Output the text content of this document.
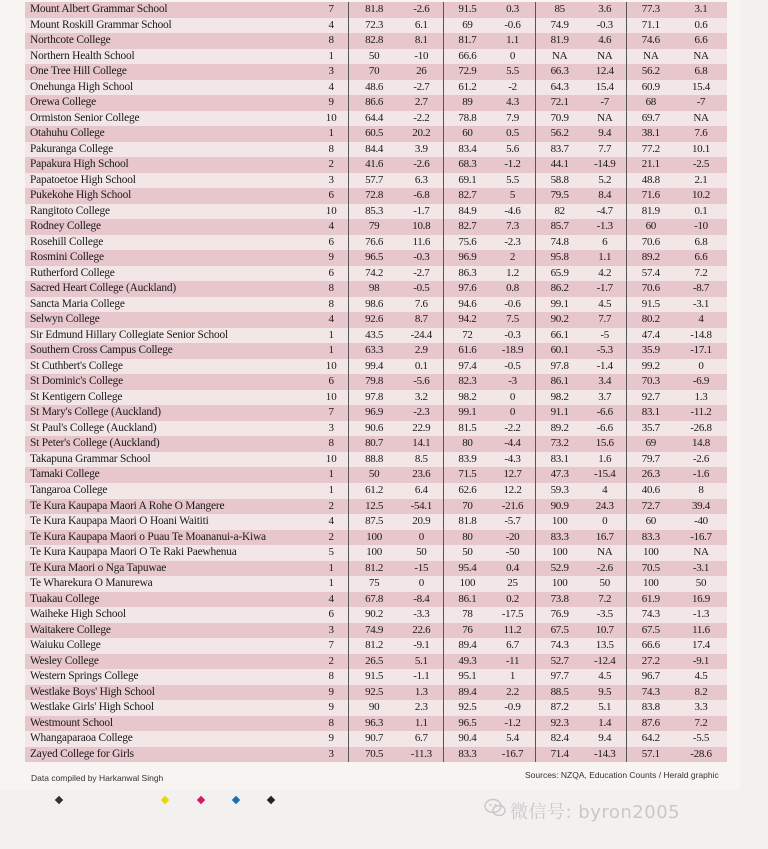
Mount Albert Grammar School	7	81.8	-2.6	91.5	0.3	85	3.6	77.3	3.1
Mount Roskill Grammar School	4	72.3	6.1	69	-0.6	74.9	-0.3	71.1	0.6
Northcote College	8	82.8	8.1	81.7	1.1	81.9	4.6	74.6	6.6
Northern Health School	1	50	-10	66.6	0	NA	NA	NA	NA
One Tree Hill College	3	70	26	72.9	5.5	66.3	12.4	56.2	6.8
Onehunga High School	4	48.6	-2.7	61.2	-2	64.3	15.4	60.9	15.4
Orewa College	9	86.6	2.7	89	4.3	72.1	-7	68	-7
Ormiston Senior College	10	64.4	-2.2	78.8	7.9	70.9	NA	69.7	NA
Otahuhu College	1	60.5	20.2	60	0.5	56.2	9.4	38.1	7.6
Pakuranga College	8	84.4	3.9	83.4	5.6	83.7	7.7	77.2	10.1
Papakura High School	2	41.6	-2.6	68.3	-1.2	44.1	-14.9	21.1	-2.5
Papatoetoe High School	3	57.7	6.3	69.1	5.5	58.8	5.2	48.8	2.1
Pukekohe High School	6	72.8	-6.8	82.7	5	79.5	8.4	71.6	10.2
Rangitoto College	10	85.3	-1.7	84.9	-4.6	82	-4.7	81.9	0.1
Rodney College	4	79	10.8	82.7	7.3	85.7	-1.3	60	-10
Rosehill College	6	76.6	11.6	75.6	-2.3	74.8	6	70.6	6.8
Rosmini College	9	96.5	-0.3	96.9	2	95.8	1.1	89.2	6.6
Rutherford College	6	74.2	-2.7	86.3	1.2	65.9	4.2	57.4	7.2
Sacred Heart College (Auckland)	8	98	-0.5	97.6	0.8	86.2	-1.7	70.6	-8.7
Sancta Maria College	8	98.6	7.6	94.6	-0.6	99.1	4.5	91.5	-3.1
Selwyn College	4	92.6	8.7	94.2	7.5	90.2	7.7	80.2	4
Sir Edmund Hillary Collegiate Senior School	1	43.5	-24.4	72	-0.3	66.1	-5	47.4	-14.8
Southern Cross Campus College	1	63.3	2.9	61.6	-18.9	60.1	-5.3	35.9	-17.1
St Cuthbert's College	10	99.4	0.1	97.4	-0.5	97.8	-1.4	99.2	0
St Dominic's College	6	79.8	-5.6	82.3	-3	86.1	3.4	70.3	-6.9
St Kentigern College	10	97.8	3.2	98.2	0	98.2	3.7	92.7	1.3
St Mary's College (Auckland)	7	96.9	-2.3	99.1	0	91.1	-6.6	83.1	-11.2
St Paul's College (Auckland)	3	90.6	22.9	81.5	-2.2	89.2	-6.6	35.7	-26.8
St Peter's College (Auckland)	8	80.7	14.1	80	-4.4	73.2	15.6	69	14.8
Takapuna Grammar School	10	88.8	8.5	83.9	-4.3	83.1	1.6	79.7	-2.6
Tamaki College	1	50	23.6	71.5	12.7	47.3	-15.4	26.3	-1.6
Tangaroa College	1	61.2	6.4	62.6	12.2	59.3	4	40.6	8
Te Kura Kaupapa Maori A Rohe O Mangere	2	12.5	-54.1	70	-21.6	90.9	24.3	72.7	39.4
Te Kura Kaupapa Maori O Hoani Waititi	4	87.5	20.9	81.8	-5.7	100	0	60	-40
Te Kura Kaupapa Maori o Puau Te Moananui-a-Kiwa	2	100	0	80	-20	83.3	16.7	83.3	-16.7
Te Kura Kaupapa Maori O Te Raki Paewhenua	5	100	50	50	-50	100	NA	100	NA
Te Kura Maori o Nga Tapuwae	1	81.2	-15	95.4	0.4	52.9	-2.6	70.5	-3.1
Te Wharekura O Manurewa	1	75	0	100	25	100	50	100	50
Tuakau College	4	67.8	-8.4	86.1	0.2	73.8	7.2	61.9	16.9
Waiheke High School	6	90.2	-3.3	78	-17.5	76.9	-3.5	74.3	-1.3
Waitakere College	3	74.9	22.6	76	11.2	67.5	10.7	67.5	11.6
Waiuku College	7	81.2	-9.1	89.4	6.7	74.3	13.5	66.6	17.4
Wesley College	2	26.5	5.1	49.3	-11	52.7	-12.4	27.2	-9.1
Western Springs College	8	91.5	-1.1	95.1	1	97.7	4.5	96.7	4.5
Westlake Boys' High School	9	92.5	1.3	89.4	2.2	88.5	9.5	74.3	8.2
Westlake Girls' High School	9	90	2.3	92.5	-0.9	87.2	5.1	83.8	3.3
Westmount School	8	96.3	1.1	96.5	-1.2	92.3	1.4	87.6	7.2
Whangaparaoa College	9	90.7	6.7	90.4	5.4	82.4	9.4	64.2	-5.5
Zayed College for Girls	3	70.5	-11.3	83.3	-16.7	71.4	-14.3	57.1	-28.6
Data compiled by Harkanwal Singh	Sources: NZQA, Education Counts / Herald graphic
微信号: byron2005
